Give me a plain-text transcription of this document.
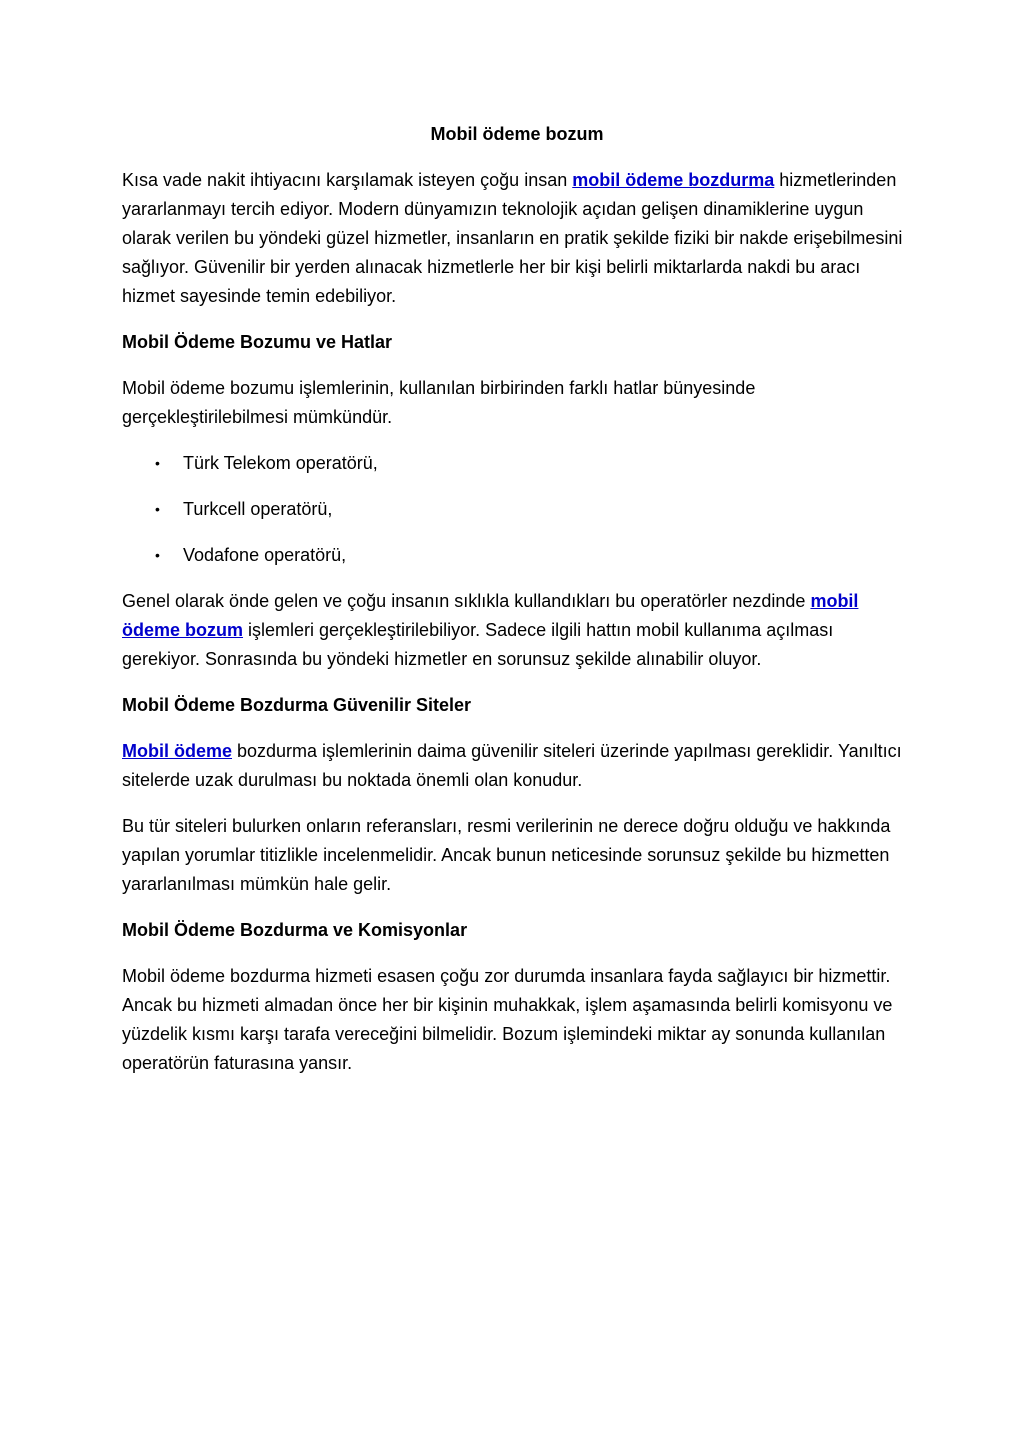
Mobil ödeme bozum

Kısa vade nakit ihtiyacını karşılamak isteyen çoğu insan mobil ödeme bozdurma hizmetlerinden yararlanmayı tercih ediyor. Modern dünyamızın teknolojik açıdan gelişen dinamiklerine uygun olarak verilen bu yöndeki güzel hizmetler, insanların en pratik şekilde fiziki bir nakde erişebilmesini sağlıyor. Güvenilir bir yerden alınacak hizmetlerle her bir kişi belirli miktarlarda nakdi bu aracı hizmet sayesinde temin edebiliyor.

Mobil Ödeme Bozumu ve Hatlar

Mobil ödeme bozumu işlemlerinin, kullanılan birbirinden farklı hatlar bünyesinde gerçekleştirilebilmesi mümkündür.

• Türk Telekom operatörü,
• Turkcell operatörü,
• Vodafone operatörü,

Genel olarak önde gelen ve çoğu insanın sıklıkla kullandıkları bu operatörler nezdinde mobil ödeme bozum işlemleri gerçekleştirilebiliyor. Sadece ilgili hattın mobil kullanıma açılması gerekiyor. Sonrasında bu yöndeki hizmetler en sorunsuz şekilde alınabilir oluyor.

Mobil Ödeme Bozdurma Güvenilir Siteler

Mobil ödeme bozdurma işlemlerinin daima güvenilir siteleri üzerinde yapılması gereklidir. Yanıltıcı sitelerde uzak durulması bu noktada önemli olan konudur.

Bu tür siteleri bulurken onların referansları, resmi verilerinin ne derece doğru olduğu ve hakkında yapılan yorumlar titizlikle incelenmelidir. Ancak bunun neticesinde sorunsuz şekilde bu hizmetten yararlanılması mümkün hale gelir.

Mobil Ödeme Bozdurma ve Komisyonlar

Mobil ödeme bozdurma hizmeti esasen çoğu zor durumda insanlara fayda sağlayıcı bir hizmettir. Ancak bu hizmeti almadan önce her bir kişinin muhakkak, işlem aşamasında belirli komisyonu ve yüzdelik kısmı karşı tarafa vereceğini bilmelidir. Bozum işlemindeki miktar ay sonunda kullanılan operatörün faturasına yansır.
